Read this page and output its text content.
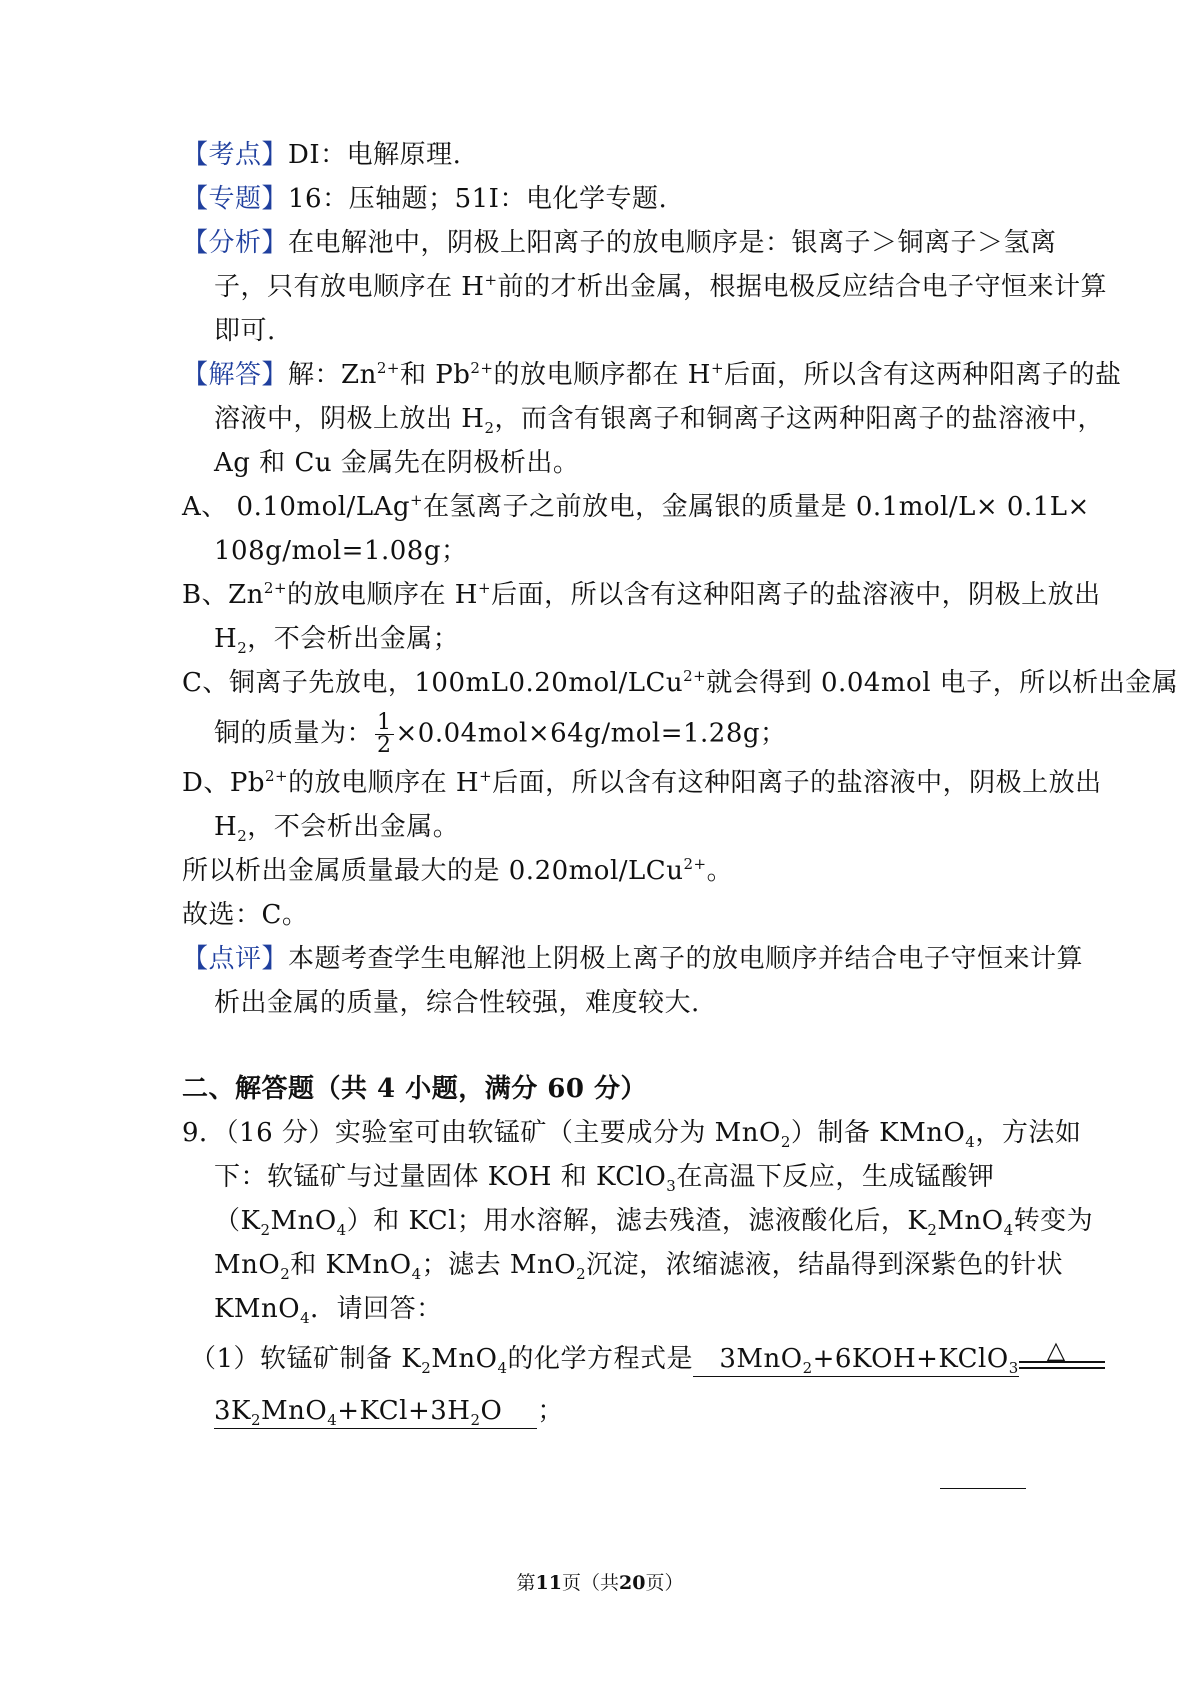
【考点】DI：电解原理.
【专题】16：压轴题；51I：电化学专题.
【分析】在电解池中，阴极上阳离子的放电顺序是：银离子＞铜离子＞氢离
子，只有放电顺序在 H+前的才析出金属，根据电极反应结合电子守恒来计算
即可.
【解答】解：$Zn^{2+}$和 $Pb^{2+}$的放电顺序都在 H+后面，所以含有这两种阳离子的盐
溶液中，阴极上放出 $H_2$，而含有银离子和铜离子这两种阳离子的盐溶液中，
Ag 和 Cu 金属先在阴极析出。
A、 0.10mol/LAg+在氢离子之前放电，金属银的质量是 0.1mol/L× 0.1L×
108g/mol=1.08g；
B、$Zn^{2+}$的放电顺序在 H+后面，所以含有这种阳离子的盐溶液中，阴极上放出
$H_2$，不会析出金属；
C、铜离子先放电，100mL0.20mol/LCu$^{2+}$就会得到 0.04mol 电子，所以析出金属
铜的质量为： $\frac{1}{2} \times 0.04mol\times 64g/mol=1.28g$；
D、$Pb^{2+}$的放电顺序在 H+后面，所以含有这种阳离子的盐溶液中，阴极上放出
$H_2$，不会析出金属。
所以析出金属质量最大的是 0.20mol/LCu$^{2+}$。
故选：C。
【点评】本题考查学生电解池上阴极上离子的放电顺序并结合电子守恒来计算
析出金属的质量，综合性较强，难度较大.
二、解答题（共 4 小题，满分 60 分）
9．（16 分）实验室可由软锰矿（主要成分为 MnO$_2$）制备 KMnO$_4$，方法如
下：软锰矿与过量固体 KOH 和 KClO$_3$在高温下反应，生成锰酸钾
$(K_2MnO_4)$和 KCl；用水溶解，滤去残渣，滤液酸化后，$K_2MnO_4$转变为
MnO$_2$和 KMnO$_4$；滤去 MnO$_2$沉淀，浓缩滤液，结晶得到深紫色的针状
KMnO$_4$．请回答：
（1）软锰矿制备 $K_2MnO_4$的化学方程式是 3MnO$_2$+6KOH+KClO$_3$
△
$3K_2MnO_4+KCl+3H_2O$ ；
第11页（共20页）
